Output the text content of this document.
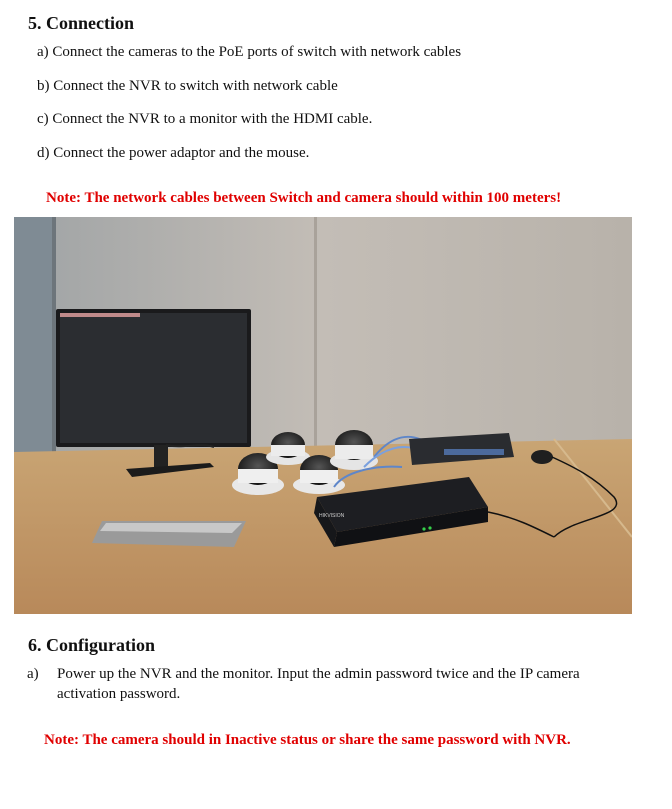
5. Connection
a) Connect the cameras to the PoE ports of switch with network cables
b) Connect the NVR to switch with network cable
c) Connect the NVR to a monitor with the HDMI cable.
d) Connect the power adaptor and the mouse.
Note: The network cables between Switch and camera should within 100 meters!
HIKVISION
6. Configuration
a) Power up the NVR and the monitor. Input the admin password twice and the IP camera
activation password.
Note: The camera should in Inactive status or share the same password with NVR.
